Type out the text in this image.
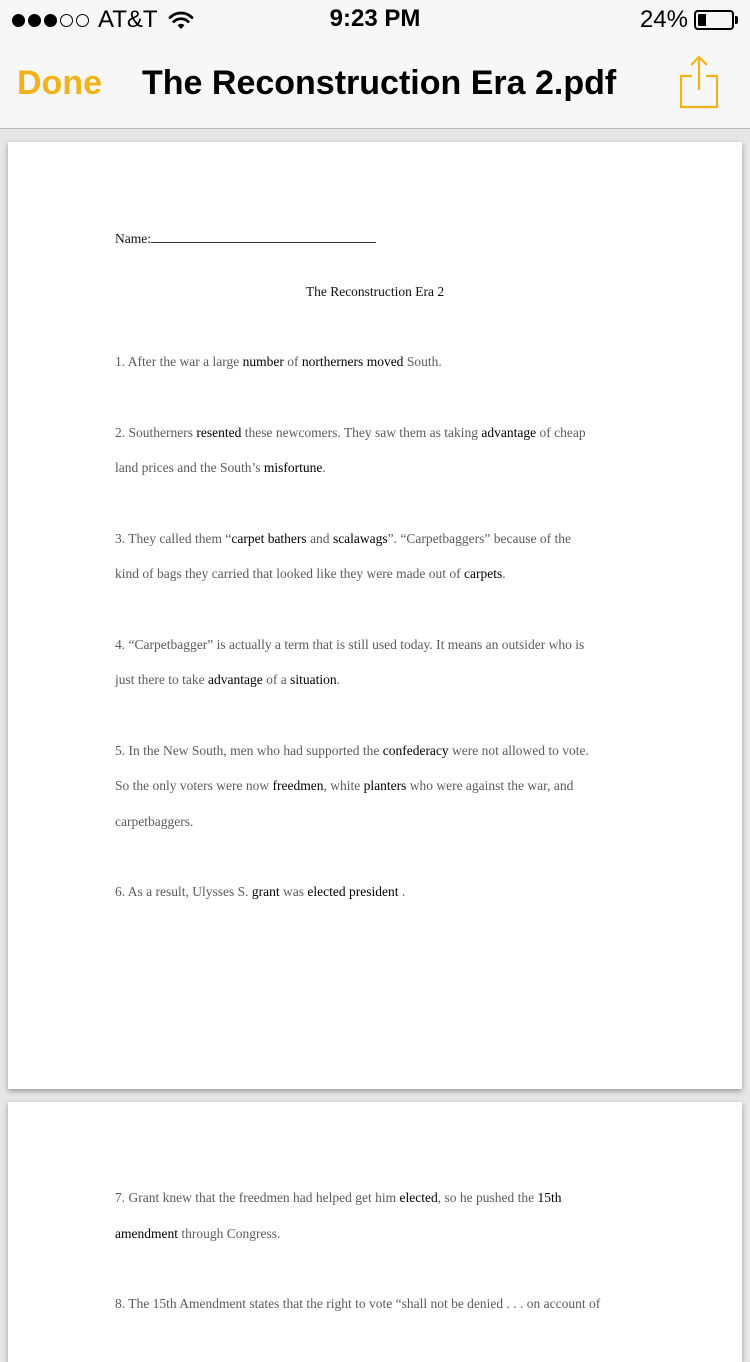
AT&T	9:23 PM	24%
Done The Reconstruction Era 2.pdf
Name:
The Reconstruction Era 2
1. After the war a large number of northerners moved South.
2. Southerners resented these newcomers. They saw them as taking advantage of cheap
land prices and the South’s misfortune.
3. They called them “carpet bathers and scalawags”. “Carpetbaggers” because of the
kind of bags they carried that looked like they were made out of carpets.
4. “Carpetbagger” is actually a term that is still used today. It means an outsider who is
just there to take advantage of a situation.
5. In the New South, men who had supported the confederacy were not allowed to vote.
So the only voters were now freedmen, white planters who were against the war, and
carpetbaggers.
6. As a result, Ulysses S. grant was elected president .
7. Grant knew that the freedmen had helped get him elected, so he pushed the 15th
amendment through Congress.
8. The 15th Amendment states that the right to vote “shall not be denied . . . on account of
